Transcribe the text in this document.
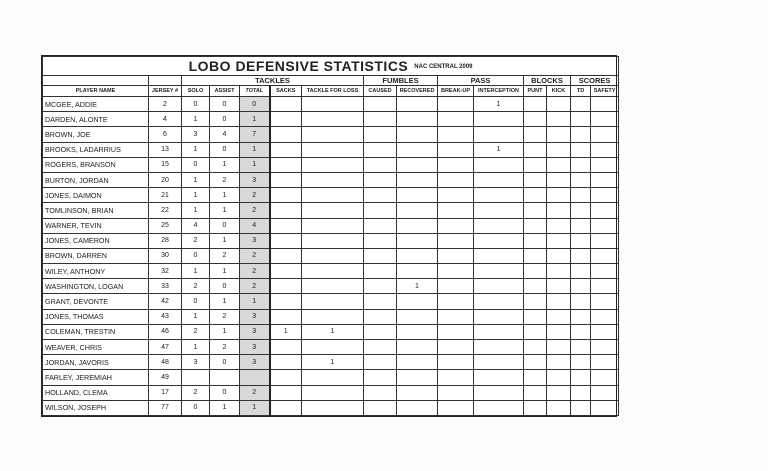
LOBO DEFENSIVE STATISTICS NAC CENTRAL 2009														
		TACKLES					FUMBLES		PASS		BLOCKS		SCORES	
PLAYER NAME	JERSEY #	SOLO	ASSIST	TOTAL	SACKS	TACKLE FOR LOSS	CAUSED	RECOVERED	BREAK-UP	INTERCEPTION	PUNT	KICK	TD	SAFETY
MCGEE, ADDIE	2	0	0	0						1				
DARDEN, ALONTE	4	1	0	1										
BROWN, JOE	6	3	4	7										
BROOKS, LADARRIUS	13	1	0	1						1				
ROGERS, BRANSON	15	0	1	1										
BURTON, JORDAN	20	1	2	3										
JONES, DAIMON	21	1	1	2										
TOMLINSON, BRIAN	22	1	1	2										
WARNER, TEVIN	25	4	0	4										
JONES, CAMERON	28	2	1	3										
BROWN, DARREN	30	0	2	2										
WILEY, ANTHONY	32	1	1	2										
WASHINGTON, LOGAN	33	2	0	2				1						
GRANT, DEVONTE	42	0	1	1										
JONES, THOMAS	43	1	2	3										
COLEMAN, TRESTIN	46	2	1	3	1	1								
WEAVER, CHRIS	47	1	2	3										
JORDAN, JAVORIS	48	3	0	3		1								
FARLEY, JEREMIAH	49													
HOLLAND, CLEMA	17	2	0	2										
WILSON, JOSEPH	77	0	1	1										
